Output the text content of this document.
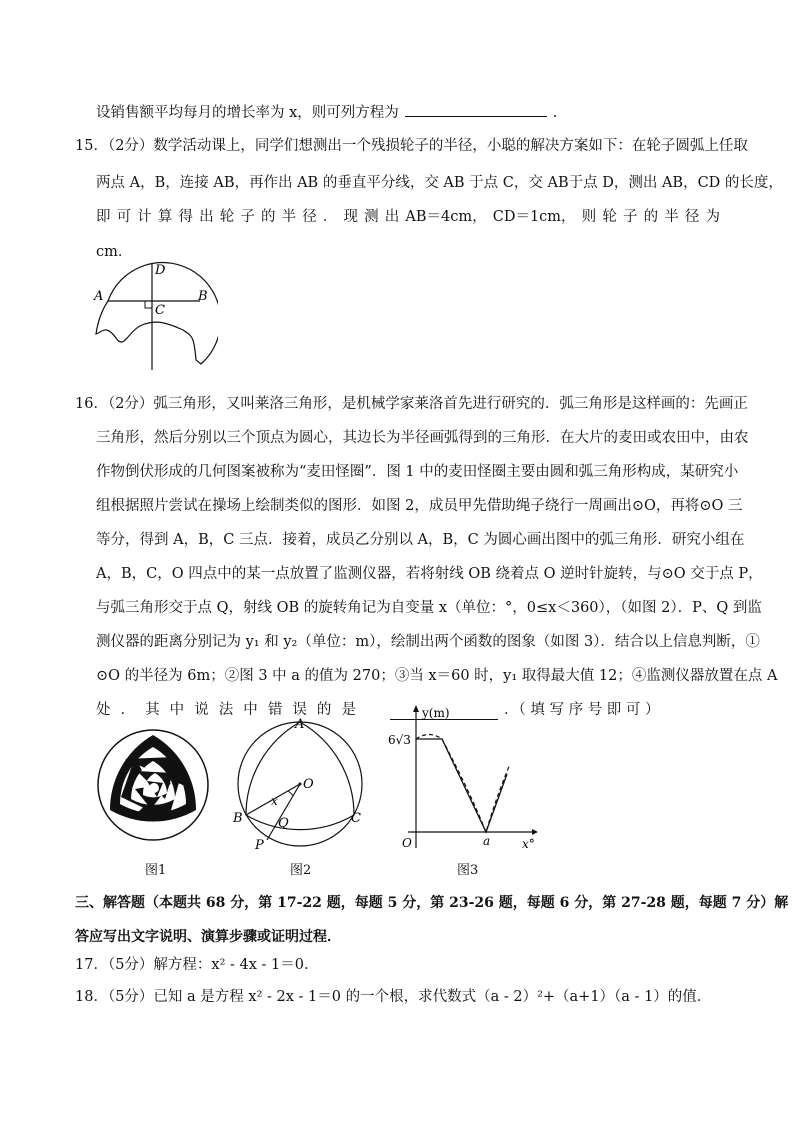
设销售额平均每月的增长率为 x，则可列方程为	.
15．（2分）数学活动课上，同学们想测出一个残损轮子的半径，小聪的解决方案如下：在轮子圆弧上任取
两点 A，B，连接 AB，再作出 AB 的垂直平分线，交 AB 于点 C，交 AB于点 D，测出 AB，CD 的长度，
即 可 计 算 得 出 轮 子 的 半 径 ． 现 测 出 AB＝4cm， CD＝1cm， 则 轮 子 的 半 径 为
cm．
D
A	B
C
16．（2分）弧三角形，又叫莱洛三角形，是机械学家莱洛首先进行研究的．弧三角形是这样画的：先画正
三角形，然后分别以三个顶点为圆心，其边长为半径画弧得到的三角形．在大片的麦田或农田中，由农
作物倒伏形成的几何图案被称为“麦田怪圈”．图 1 中的麦田怪圈主要由圆和弧三角形构成，某研究小
组根据照片尝试在操场上绘制类似的图形．如图 2，成员甲先借助绳子绕行一周画出⊙O，再将⊙O 三
等分，得到 A，B，C 三点．接着，成员乙分别以 A，B，C 为圆心画出图中的弧三角形．研究小组在
A，B，C，O 四点中的某一点放置了监测仪器，若将射线 OB 绕着点 O 逆时针旋转，与⊙O 交于点 P，
与弧三角形交于点 Q，射线 OB 的旋转角记为自变量 x（单位：°，0≤x＜360），（如图 2）．P、Q 到监
测仪器的距离分别记为 y₁ 和 y₂（单位：m），绘制出两个函数的图象（如图 3）．结合以上信息判断，①
⊙O 的半径为 6m；②图 3 中 a 的值为 270；③当 x＝60 时，y₁ 取得最大值 12；④监测仪器放置在点 A
处 ． 其 中 说 法 中 错 误 的 是	．（ 填 写 序 号 即 可 ）
A
O
x
B	Q	C
P
y(m)
6√3
O	a	x°
图1	图2	图3
三、解答题（本题共 68 分，第 17-22 题，每题 5 分，第 23-26 题，每题 6 分，第 27-28 题，每题 7 分）解
答应写出文字说明、演算步骤或证明过程．
17．（5分）解方程：x² - 4x - 1＝0．
18．（5分）已知 a 是方程 x² - 2x - 1＝0 的一个根，求代数式（a - 2）²+（a+1）（a - 1）的值．
